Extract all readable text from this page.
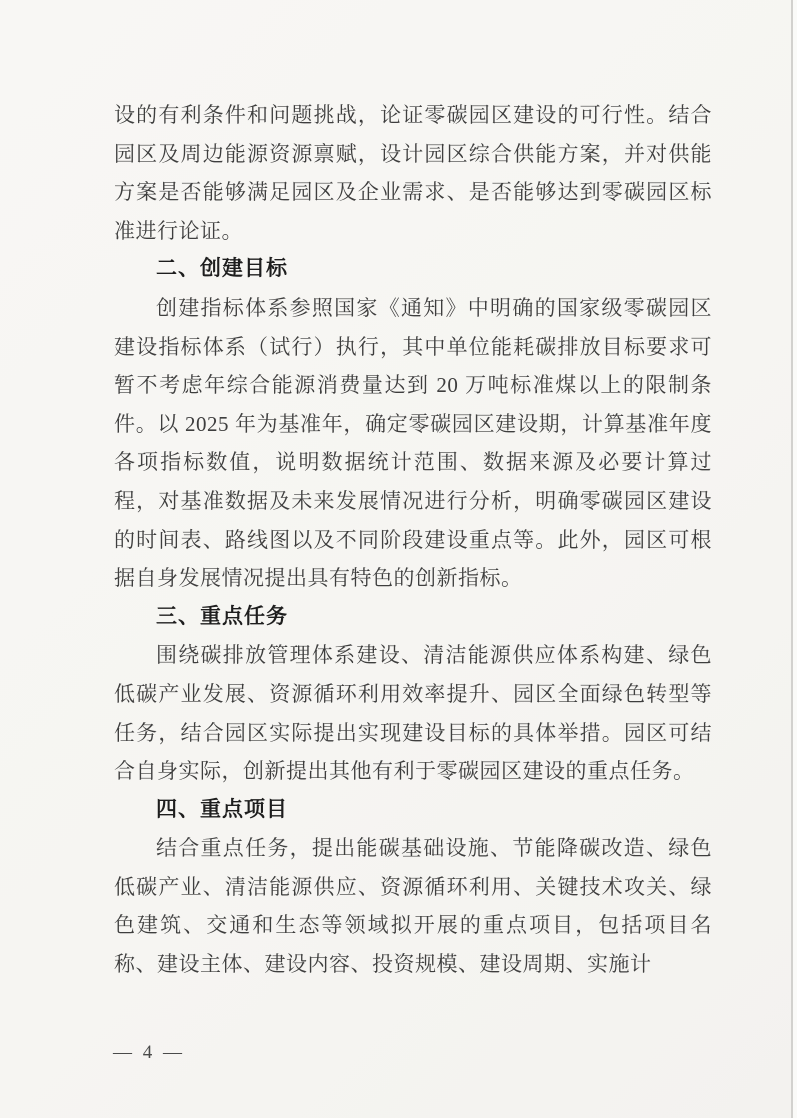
设的有利条件和问题挑战，论证零碳园区建设的可行性。结合园区及周边能源资源禀赋，设计园区综合供能方案，并对供能方案是否能够满足园区及企业需求、是否能够达到零碳园区标准进行论证。

二、创建目标

创建指标体系参照国家《通知》中明确的国家级零碳园区建设指标体系（试行）执行，其中单位能耗碳排放目标要求可暂不考虑年综合能源消费量达到 20 万吨标准煤以上的限制条件。以 2025 年为基准年，确定零碳园区建设期，计算基准年度各项指标数值，说明数据统计范围、数据来源及必要计算过程，对基准数据及未来发展情况进行分析，明确零碳园区建设的时间表、路线图以及不同阶段建设重点等。此外，园区可根据自身发展情况提出具有特色的创新指标。

三、重点任务

围绕碳排放管理体系建设、清洁能源供应体系构建、绿色低碳产业发展、资源循环利用效率提升、园区全面绿色转型等任务，结合园区实际提出实现建设目标的具体举措。园区可结合自身实际，创新提出其他有利于零碳园区建设的重点任务。

四、重点项目

结合重点任务，提出能碳基础设施、节能降碳改造、绿色低碳产业、清洁能源供应、资源循环利用、关键技术攻关、绿色建筑、交通和生态等领域拟开展的重点项目，包括项目名称、建设主体、建设内容、投资规模、建设周期、实施计

— 4 —
